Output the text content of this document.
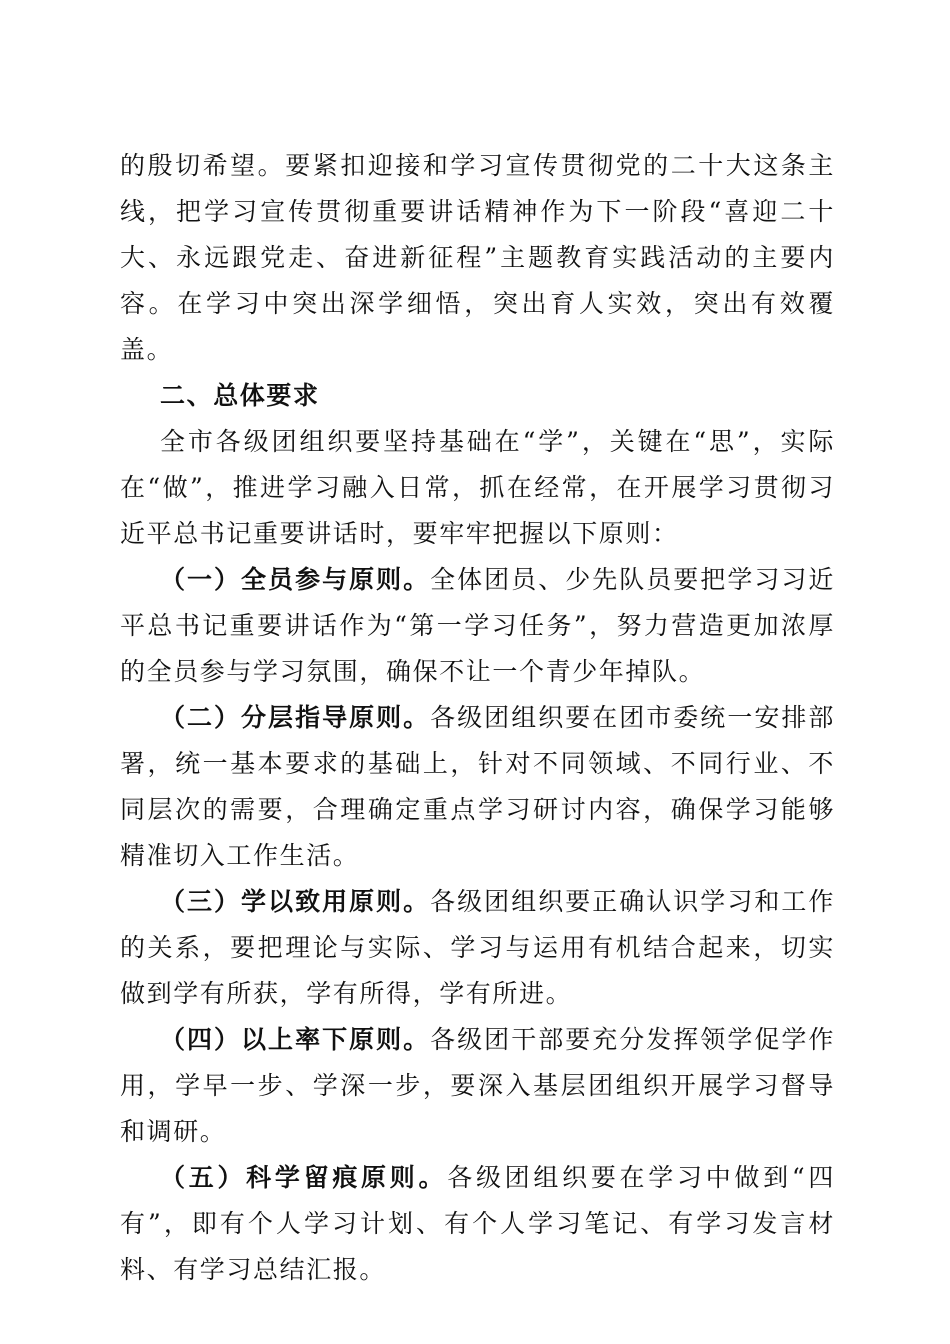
的殷切希望。要紧扣迎接和学习宣传贯彻党的二十大这条主线，把学习宣传贯彻重要讲话精神作为下一阶段“喜迎二十大、永远跟党走、奋进新征程”主题教育实践活动的主要内容。在学习中突出深学细悟，突出育人实效，突出有效覆盖。

二、总体要求

全市各级团组织要坚持基础在“学”，关键在“思”，实际在“做”，推进学习融入日常，抓在经常，在开展学习贯彻习近平总书记重要讲话时，要牢牢把握以下原则：

（一）全员参与原则。全体团员、少先队员要把学习习近平总书记重要讲话作为“第一学习任务”，努力营造更加浓厚的全员参与学习氛围，确保不让一个青少年掉队。

（二）分层指导原则。各级团组织要在团市委统一安排部署，统一基本要求的基础上，针对不同领域、不同行业、不同层次的需要，合理确定重点学习研讨内容，确保学习能够精准切入工作生活。

（三）学以致用原则。各级团组织要正确认识学习和工作的关系，要把理论与实际、学习与运用有机结合起来，切实做到学有所获，学有所得，学有所进。

（四）以上率下原则。各级团干部要充分发挥领学促学作用，学早一步、学深一步，要深入基层团组织开展学习督导和调研。

（五）科学留痕原则。各级团组织要在学习中做到“四有”，即有个人学习计划、有个人学习笔记、有学习发言材料、有学习总结汇报。
